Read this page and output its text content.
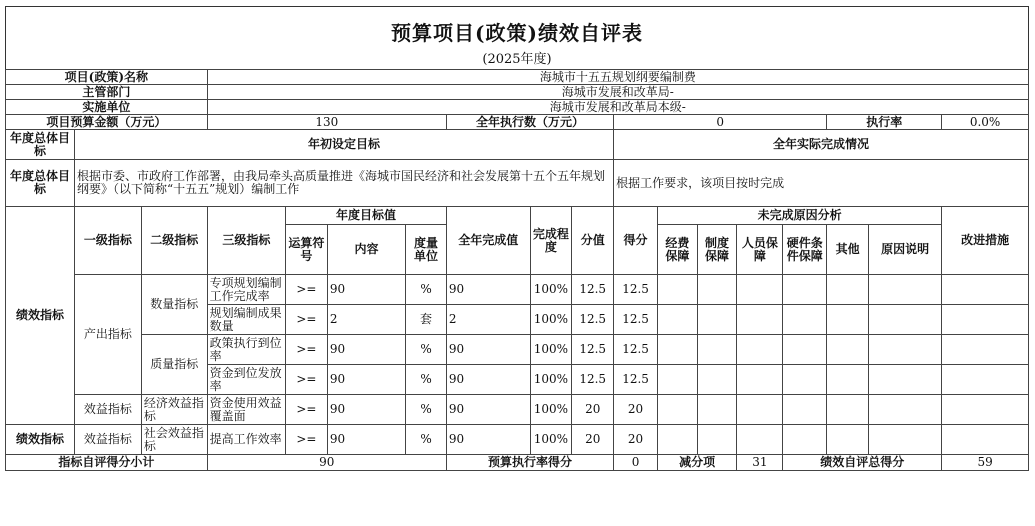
预算项目(政策)绩效自评表
(2025年度)
项目(政策)名称			海城市十五五规划纲要编制费														
主管部门			海城市发展和改革局-														
实施单位			海城市发展和改革局本级-														
项目预算金额（万元）			130				全年执行数（万元）			0					执行率		0.0%
年度总体目标	年初设定目标									全年实际完成情况							
年度总体目标	根据市委、市政府工作部署，由我局牵头高质量推进《海城市国民经济和社会发展第十五个五年规划纲要》（以下简称“十五五”规划）编制工作									根据工作要求，该项目按时完成							
绩效指标	一级指标	二级指标	三级指标	年度目标值			全年完成值	完成程度	分值	得分	未完成原因分析						改进措施
				运算符号	内容	度量单位					经费保障	制度保障	人员保障	硬件条件保障	其他	原因说明	
	产出指标	数量指标	专项规划编制工作完成率	>=	90	%	90	100%	12.5	12.5							
			规划编制成果数量	>=	2	套	2	100%	12.5	12.5							
		质量指标	政策执行到位率	>=	90	%	90	100%	12.5	12.5							
			资金到位发放率	>=	90	%	90	100%	12.5	12.5							
	效益指标	经济效益指标	资金使用效益覆盖面	>=	90	%	90	100%	20	20							
绩效指标	效益指标	社会效益指标	提高工作效率	>=	90	%	90	100%	20	20							
指标自评得分小计			90				预算执行率得分			0	减分项		31	绩效自评总得分			59
